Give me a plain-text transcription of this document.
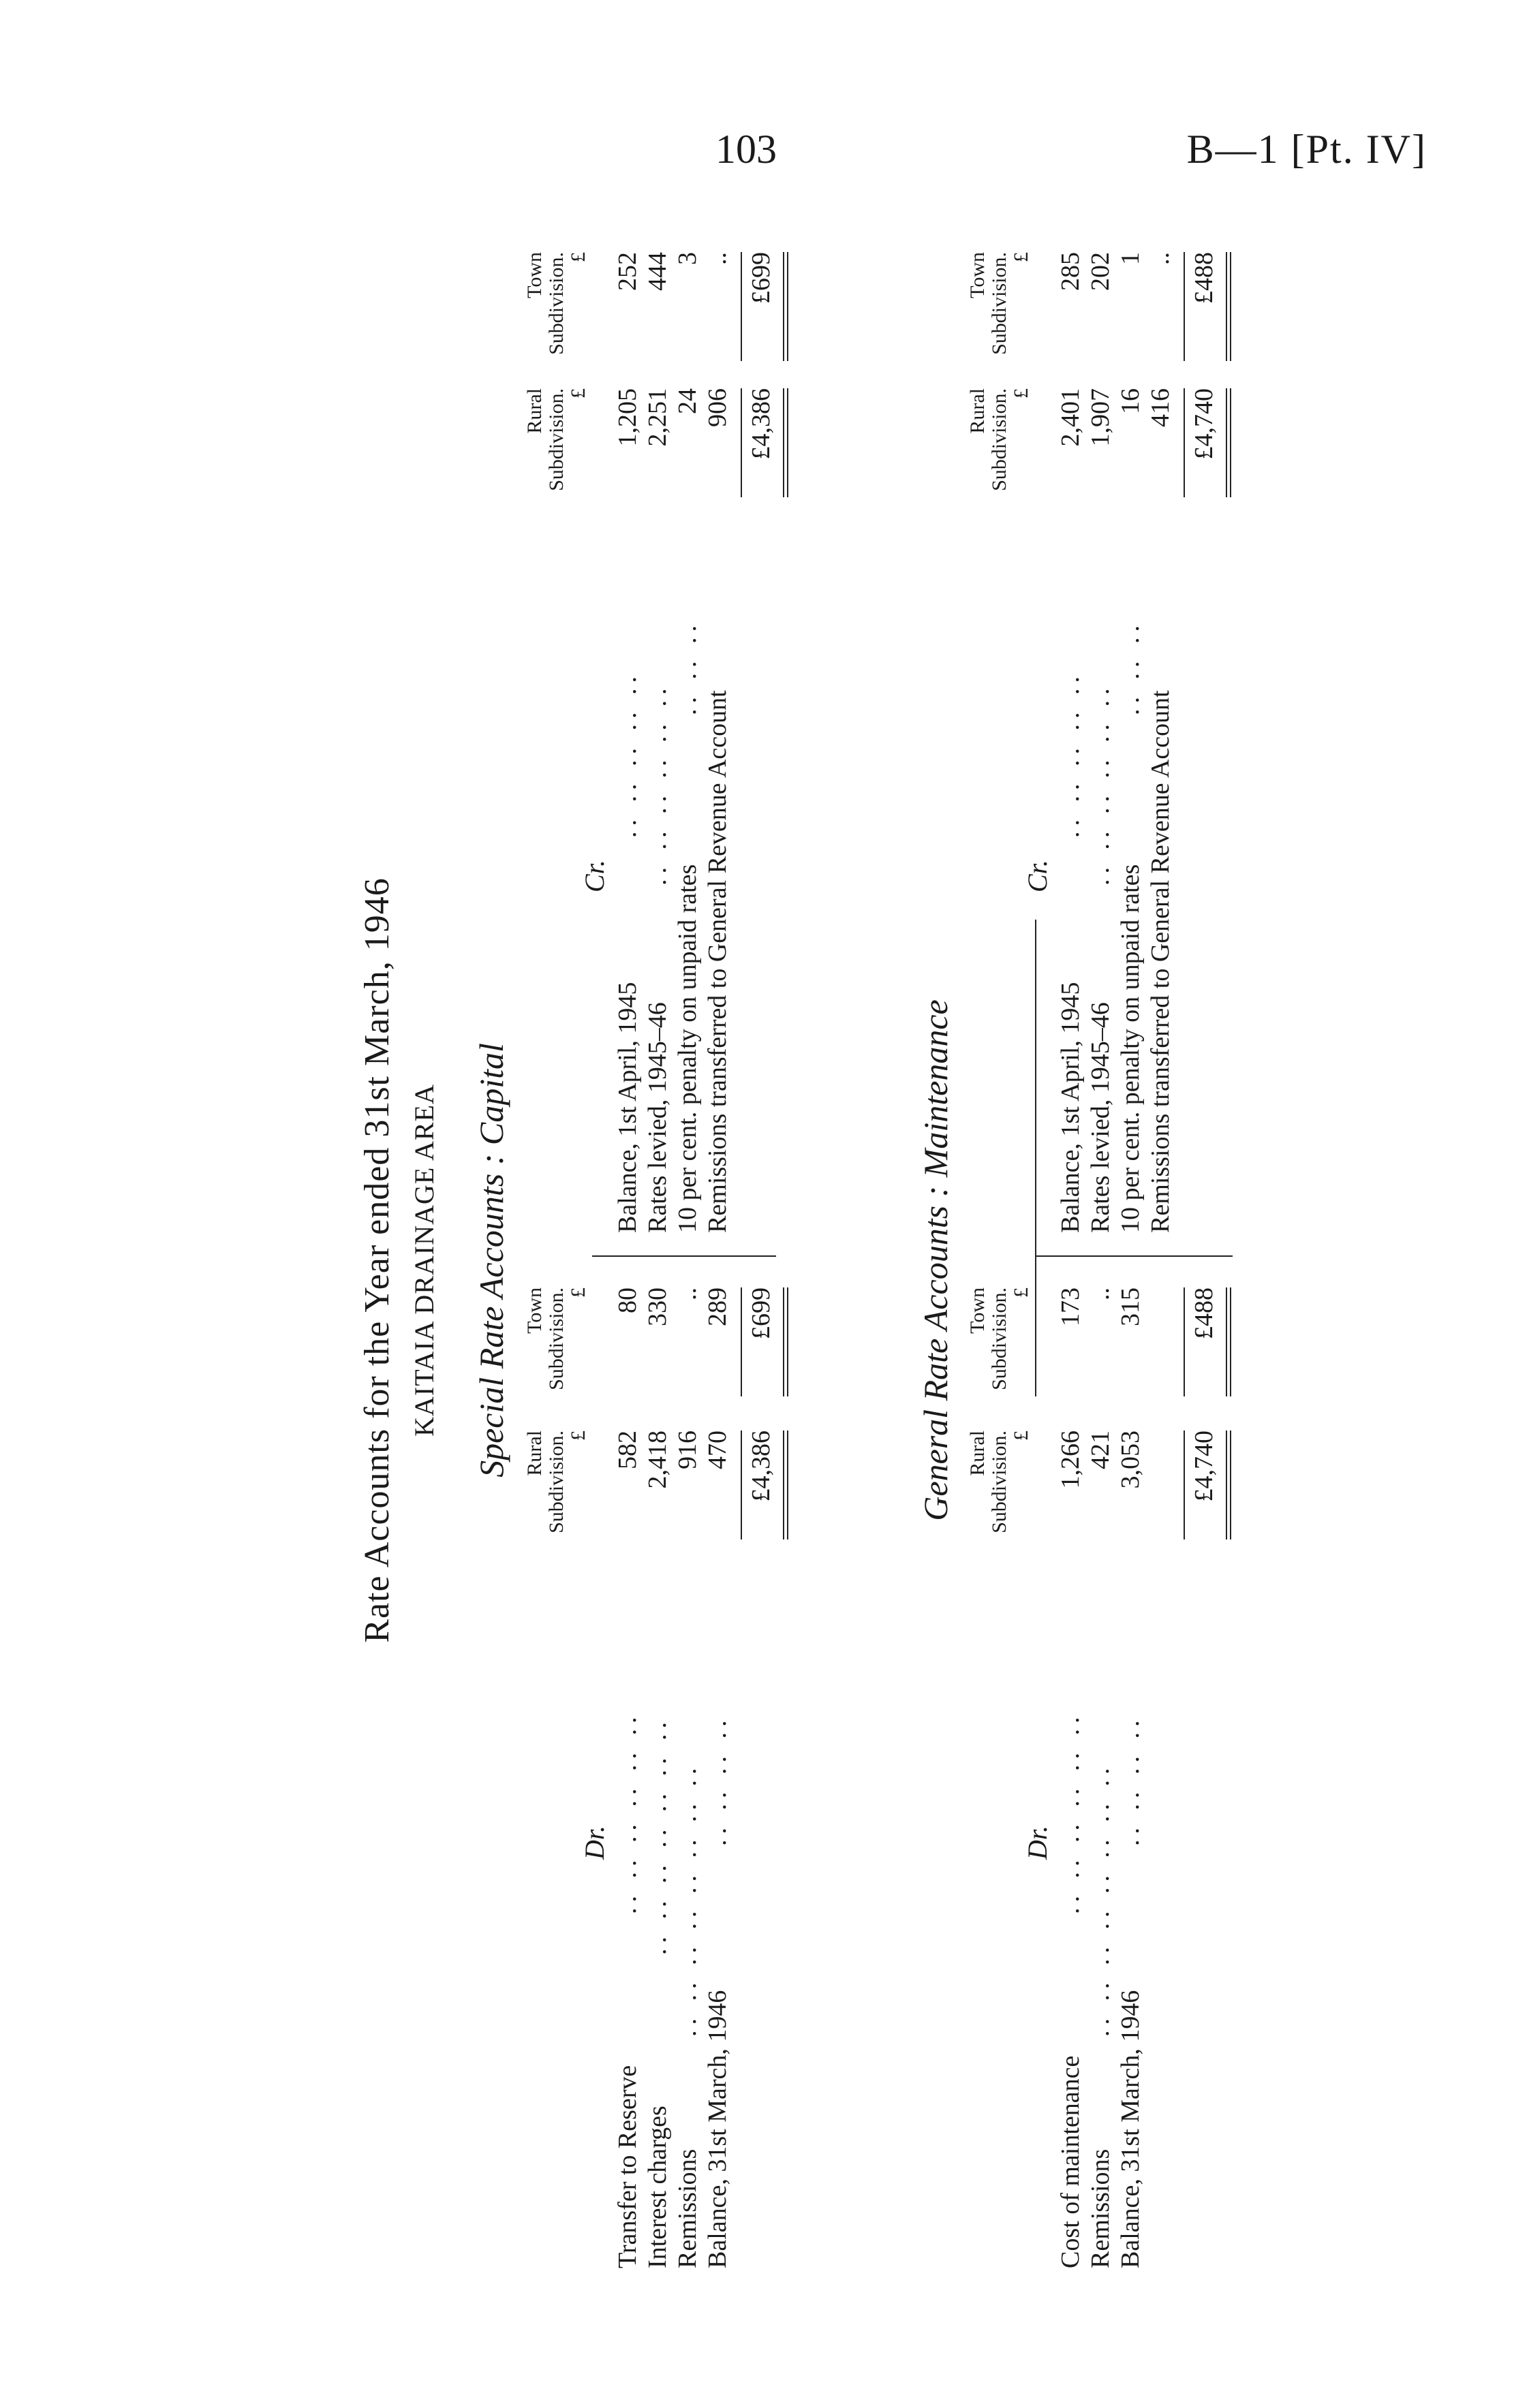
103	B—1 [Pt. IV]
Rate Accounts for the Year ended 31st March, 1946 KAITAIA DRAINAGE AREA Special Rate Accounts : Capital
Dr.
Rural Subdivision. £
Town Subdivision. £
Transfer to Reserve
.. .. .. .. .. ..
582
80
Interest charges
.. .. .. .. .. .. ..
2,418
330
Remissions
.. .. .. .. .. .. .. ..
916
..
Balance, 31st March, 1946
.. .. .. ..
470
289
£4,386
£699
Cr.
Rural Subdivision. £
Town Subdivision. £
Balance, 1st April, 1945
.. .. .. .. ..
1,205
252
Rates levied, 1945–46
.. .. .. .. .. ..
2,251
444
10 per cent. penalty on unpaid rates
.. .. ..
24
3
Remissions transferred to General Revenue Account
906
..
£4,386
£699
General Rate Accounts : Maintenance
Dr.
Rural Subdivision. £
Town Subdivision. £
Cost of maintenance
.. .. .. .. .. ..
1,266
173
Remissions
.. .. .. .. .. .. .. ..
421
..
Balance, 31st March, 1946
.. .. .. ..
3,053
315
£4,740
£488
Cr.
Rural Subdivision. £
Town Subdivision. £
Balance, 1st April, 1945
.. .. .. .. ..
2,401
285
Rates levied, 1945–46
.. .. .. .. .. ..
1,907
202
10 per cent. penalty on unpaid rates
.. .. ..
16
1
Remissions transferred to General Revenue Account
416
..
£4,740
£488
